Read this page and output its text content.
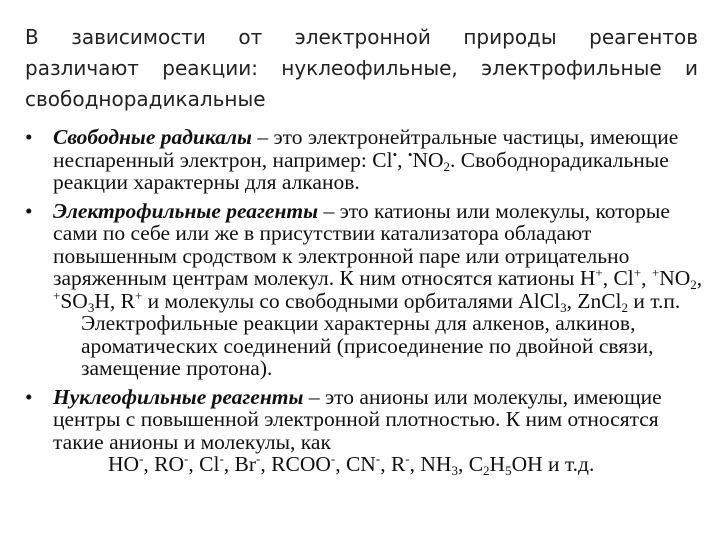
В зависимости от электронной природы реагентов
различают реакции: нуклеофильные, электрофильные и
свободнорадикальные
• Свободные радикалы – это электронейтральные частицы, имеющие неспаренный электрон, например: Cl•, $^•NO_2$. Свободнорадикальные реакции характерны для алканов.
• Электрофильные реагенты – это катионы или молекулы, которые сами по себе или же в присутствии катализатора обладают повышенным сродством к электронной паре или отрицательно заряженным центрам молекул. К ним относятся катионы H+, Cl+, $^+NO_2$, $^+SO_3H$, R+ и молекулы со свободными орбиталями AlCl$_3$, ZnCl$_2$ и т.п.
Электрофильные реакции характерны для алкенов, алкинов, ароматических соединений (присоединение по двойной связи, замещение протона).
• Нуклеофильные реагенты – это анионы или молекулы, имеющие центры с повышенной электронной плотностью. К ним относятся такие анионы и молекулы, как
HO-, RO-, Cl-, Br-, RCOO-, CN-, R-, $NH_3$, $C_2H_5OH$ и т.д.
